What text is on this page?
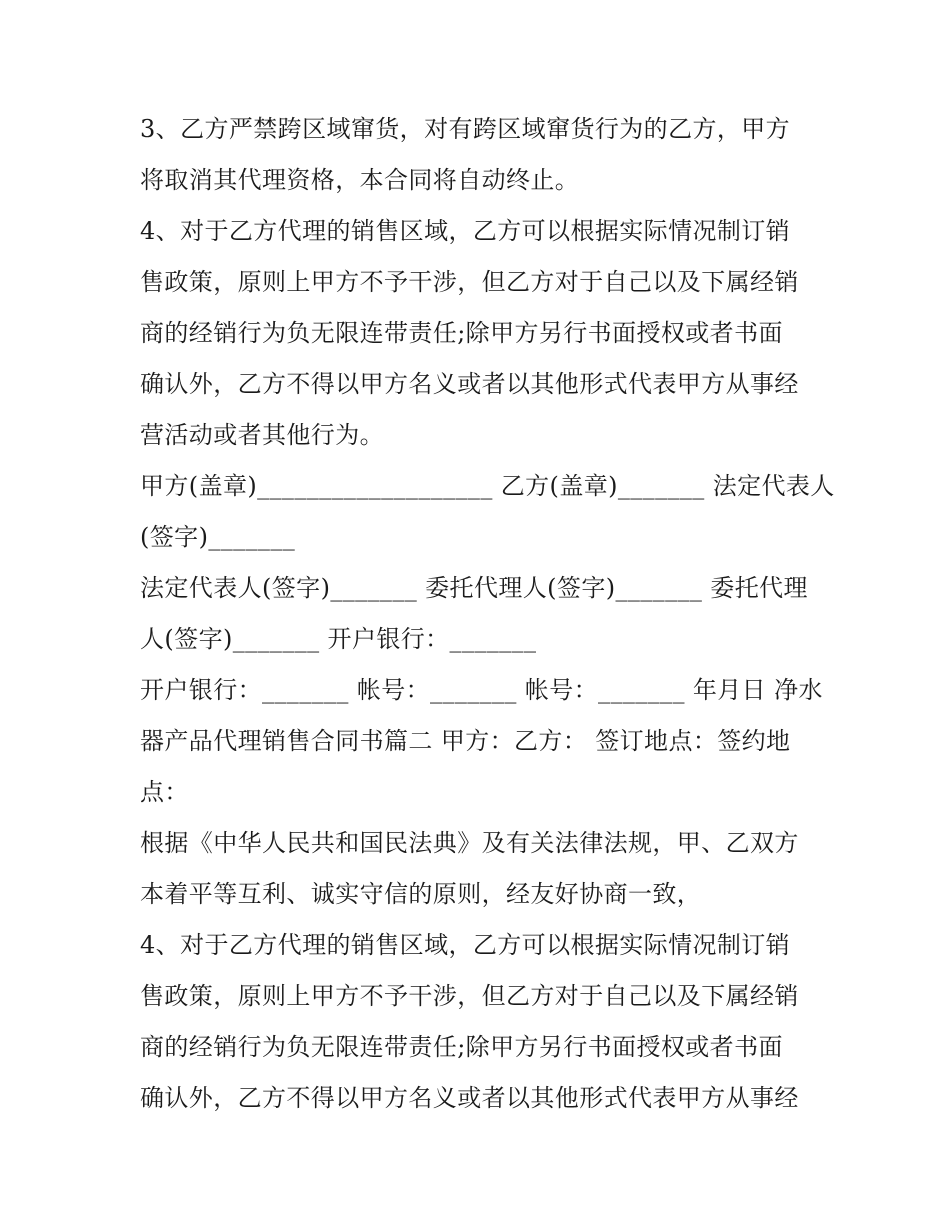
3、乙方严禁跨区域窜货，对有跨区域窜货行为的乙方，甲方
将取消其代理资格，本合同将自动终止。
4、对于乙方代理的销售区域，乙方可以根据实际情况制订销
售政策，原则上甲方不予干涉，但乙方对于自己以及下属经销
商的经销行为负无限连带责任;除甲方另行书面授权或者书面
确认外，乙方不得以甲方名义或者以其他形式代表甲方从事经
营活动或者其他行为。
甲方(盖章)___________________ 乙方(盖章)_______ 法定代表人
(签字)_______
法定代表人(签字)_______ 委托代理人(签字)_______ 委托代理
人(签字)_______ 开户银行：_______
开户银行：_______ 帐号：_______ 帐号：_______ 年月日 净水
器产品代理销售合同书篇二 甲方：乙方： 签订地点：签约地
点：
根据《中华人民共和国民法典》及有关法律法规，甲、乙双方
本着平等互利、诚实守信的原则，经友好协商一致，
4、对于乙方代理的销售区域，乙方可以根据实际情况制订销
售政策，原则上甲方不予干涉，但乙方对于自己以及下属经销
商的经销行为负无限连带责任;除甲方另行书面授权或者书面
确认外，乙方不得以甲方名义或者以其他形式代表甲方从事经
